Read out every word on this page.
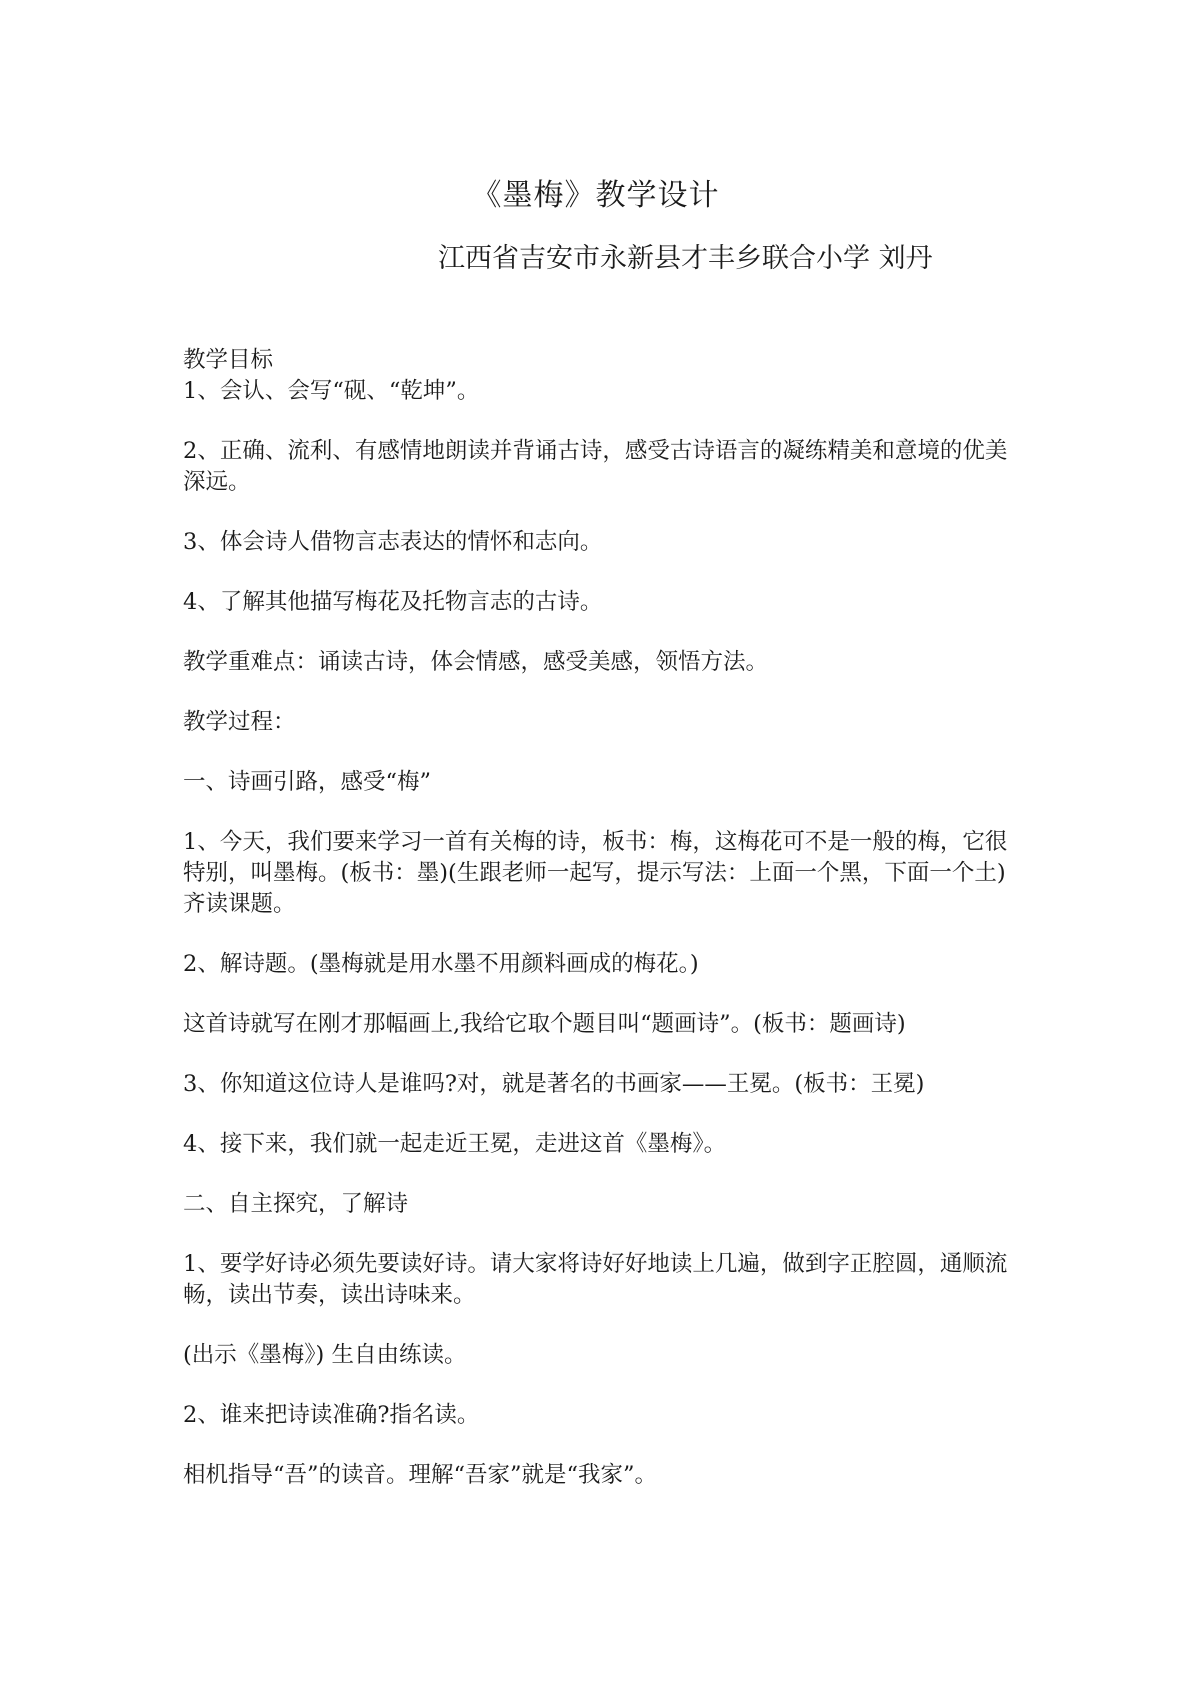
《墨梅》教学设计
江西省吉安市永新县才丰乡联合小学 刘丹

教学目标

1、会认、会写“砚、“乾坤”。

2、正确、流利、有感情地朗读并背诵古诗，感受古诗语言的凝练精美和意境的优美深远。

3、体会诗人借物言志表达的情怀和志向。

4、了解其他描写梅花及托物言志的古诗。

教学重难点：诵读古诗，体会情感，感受美感，领悟方法。

教学过程：

一、诗画引路，感受“梅”

1、今天，我们要来学习一首有关梅的诗，板书：梅，这梅花可不是一般的梅，它很特别，叫墨梅。(板书：墨)(生跟老师一起写，提示写法：上面一个黑，下面一个土)齐读课题。

2、解诗题。(墨梅就是用水墨不用颜料画成的梅花。)

这首诗就写在刚才那幅画上,我给它取个题目叫“题画诗”。(板书：题画诗)

3、你知道这位诗人是谁吗?对，就是著名的书画家——王冕。(板书：王冕)

4、接下来，我们就一起走近王冕，走进这首《墨梅》。

二、自主探究，了解诗

1、要学好诗必须先要读好诗。请大家将诗好好地读上几遍，做到字正腔圆，通顺流畅，读出节奏，读出诗味来。

(出示《墨梅》) 生自由练读。

2、谁来把诗读准确?指名读。

相机指导“吾”的读音。理解“吾家”就是“我家”。
